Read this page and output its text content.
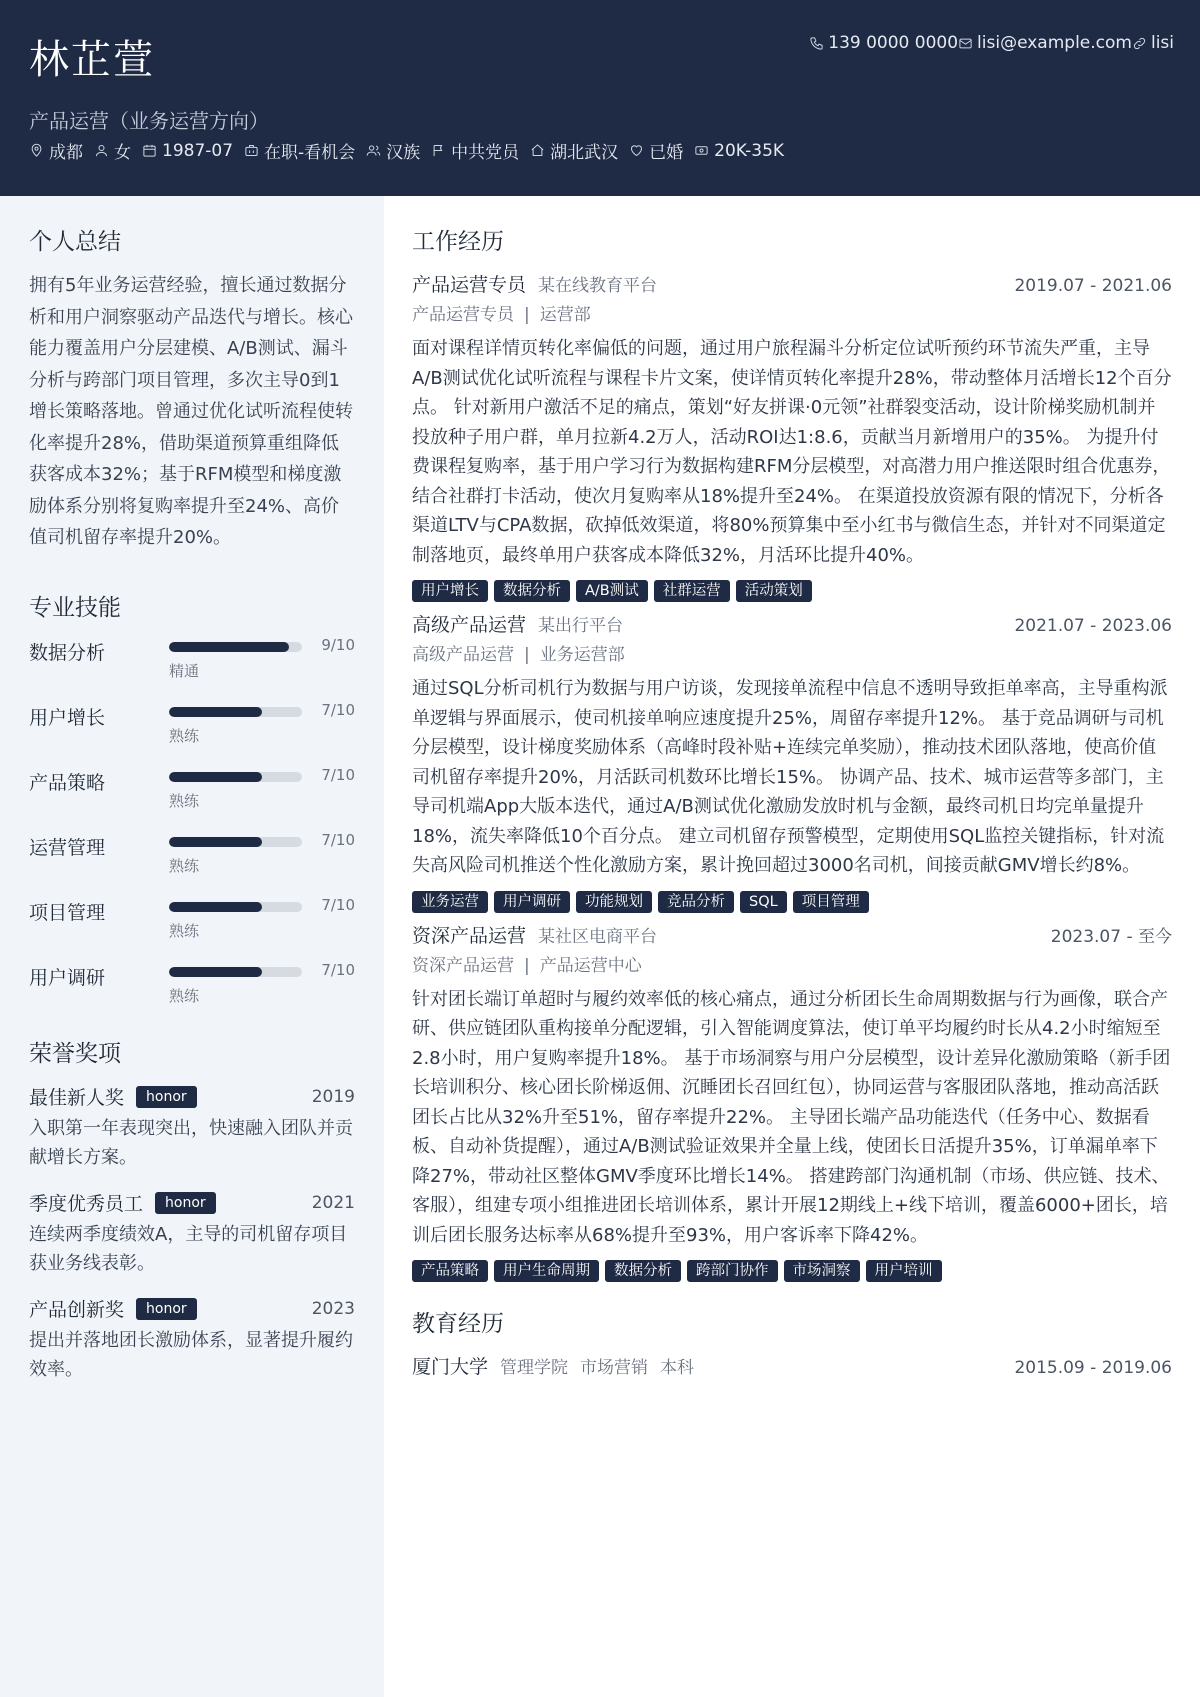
林芷萱
产品运营（业务运营方向）
139 0000 0000 lisi@example.com lisi
成都 女 1987-07 在职-看机会 汉族 中共党员 湖北武汉 已婚 20K-35K
个人总结
拥有5年业务运营经验，擅长通过数据分析和用户洞察驱动产品迭代与增长。核心能力覆盖用户分层建模、A/B测试、漏斗分析与跨部门项目管理，多次主导0到1增长策略落地。曾通过优化试听流程使转化率提升28%，借助渠道预算重组降低获客成本32%；基于RFM模型和梯度激励体系分别将复购率提升至24%、高价值司机留存率提升20%。
专业技能
数据分析	9/10
精通
用户增长	7/10
熟练
产品策略	7/10
熟练
运营管理	7/10
熟练
项目管理	7/10
熟练
用户调研	7/10
熟练
荣誉奖项
最佳新人奖	honor	2019
入职第一年表现突出，快速融入团队并贡献增长方案。
季度优秀员工	honor	2021
连续两季度绩效A，主导的司机留存项目获业务线表彰。
产品创新奖	honor	2023
提出并落地团长激励体系，显著提升履约效率。
工作经历
产品运营专员 某在线教育平台	2019.07 - 2021.06
产品运营专员 | 运营部
面对课程详情页转化率偏低的问题，通过用户旅程漏斗分析定位试听预约环节流失严重，主导A/B测试优化试听流程与课程卡片文案，使详情页转化率提升28%，带动整体月活增长12个百分点。 针对新用户激活不足的痛点，策划“好友拼课·0元领”社群裂变活动，设计阶梯奖励机制并投放种子用户群，单月拉新4.2万人，活动ROI达1:8.6，贡献当月新增用户的35%。 为提升付费课程复购率，基于用户学习行为数据构建RFM分层模型，对高潜力用户推送限时组合优惠券，结合社群打卡活动，使次月复购率从18%提升至24%。 在渠道投放资源有限的情况下，分析各渠道LTV与CPA数据，砍掉低效渠道，将80%预算集中至小红书与微信生态，并针对不同渠道定制落地页，最终单用户获客成本降低32%，月活环比提升40%。
用户增长	数据分析	A/B测试	社群运营	活动策划
高级产品运营 某出行平台	2021.07 - 2023.06
高级产品运营 | 业务运营部
通过SQL分析司机行为数据与用户访谈，发现接单流程中信息不透明导致拒单率高，主导重构派单逻辑与界面展示，使司机接单响应速度提升25%，周留存率提升12%。 基于竞品调研与司机分层模型，设计梯度奖励体系（高峰时段补贴+连续完单奖励），推动技术团队落地，使高价值司机留存率提升20%，月活跃司机数环比增长15%。 协调产品、技术、城市运营等多部门，主导司机端App大版本迭代，通过A/B测试优化激励发放时机与金额，最终司机日均完单量提升18%，流失率降低10个百分点。 建立司机留存预警模型，定期使用SQL监控关键指标，针对流失高风险司机推送个性化激励方案，累计挽回超过3000名司机，间接贡献GMV增长约8%。
业务运营	用户调研	功能规划	竞品分析	SQL	项目管理
资深产品运营 某社区电商平台	2023.07 - 至今
资深产品运营 | 产品运营中心
针对团长端订单超时与履约效率低的核心痛点，通过分析团长生命周期数据与行为画像，联合产研、供应链团队重构接单分配逻辑，引入智能调度算法，使订单平均履约时长从4.2小时缩短至2.8小时，用户复购率提升18%。 基于市场洞察与用户分层模型，设计差异化激励策略（新手团长培训积分、核心团长阶梯返佣、沉睡团长召回红包），协同运营与客服团队落地，推动高活跃团长占比从32%升至51%，留存率提升22%。 主导团长端产品功能迭代（任务中心、数据看板、自动补货提醒），通过A/B测试验证效果并全量上线，使团长日活提升35%，订单漏单率下降27%，带动社区整体GMV季度环比增长14%。 搭建跨部门沟通机制（市场、供应链、技术、客服），组建专项小组推进团长培训体系，累计开展12期线上+线下培训，覆盖6000+团长，培训后团长服务达标率从68%提升至93%，用户客诉率下降42%。
产品策略	用户生命周期	数据分析	跨部门协作	市场洞察	用户培训
教育经历
厦门大学 管理学院 市场营销 本科	2015.09 - 2019.06
